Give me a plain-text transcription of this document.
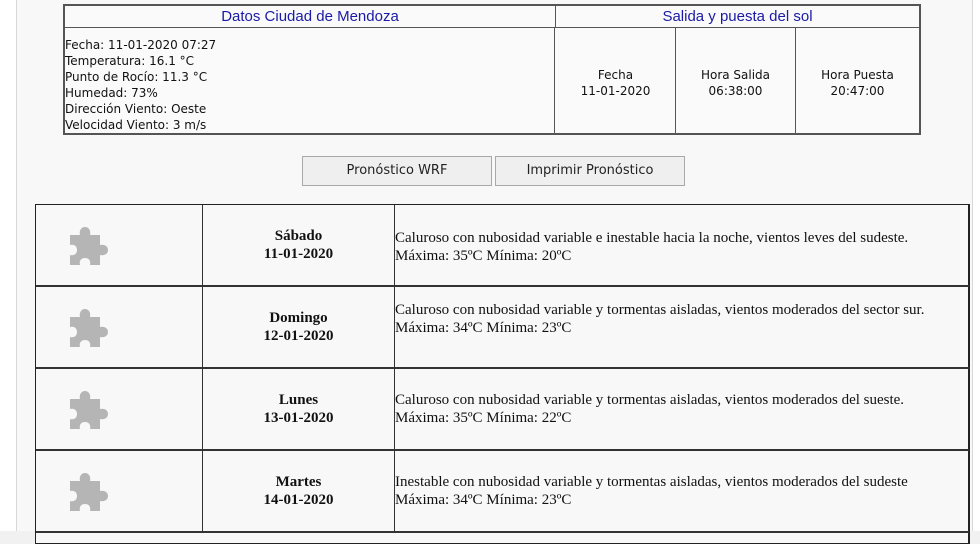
Datos Ciudad de Mendoza	Salida y puesta del sol
Fecha: 11-01-2020 07:27
Temperatura: 16.1 °C
Punto de Rocío: 11.3 °C
Humedad: 73%
Dirección Viento: Oeste
Velocidad Viento: 3 m/s
Fecha
11-01-2020
Hora Salida
06:38:00
Hora Puesta
20:47:00
Pronóstico WRF	Imprimir Pronóstico
Sábado
11-01-2020
Caluroso con nubosidad variable e inestable hacia la noche, vientos leves del sudeste.
Máxima: 35ºC Mínima: 20ºC
Domingo
12-01-2020
Caluroso con nubosidad variable y tormentas aisladas, vientos moderados del sector sur.
Máxima: 34ºC Mínima: 23ºC
Lunes
13-01-2020
Caluroso con nubosidad variable y tormentas aisladas, vientos moderados del sueste.
Máxima: 35ºC Mínima: 22ºC
Martes
14-01-2020
Inestable con nubosidad variable y tormentas aisladas, vientos moderados del sudeste
Máxima: 34ºC Mínima: 23ºC
